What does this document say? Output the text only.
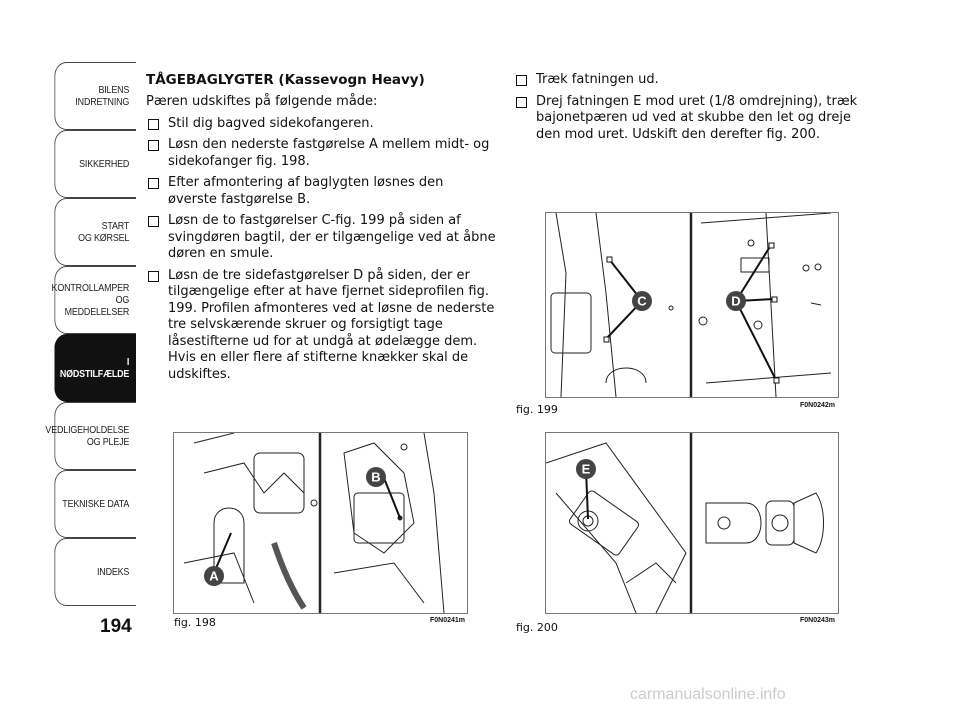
BILENS
INDRETNING
SIKKERHED
START
OG KØRSEL
KONTROLLAMPER
OG MEDDELELSER
I NØDSTILFÆLDE
VEDLIGEHOLDELSE
OG PLEJE
TEKNISKE DATA
INDEKS
194
TÅGEBAGLYGTER (Kassevogn Heavy)
Pæren udskiftes på følgende måde:
Stil dig bagved sidekofangeren.
Løsn den nederste fastgørelse A mellem midt- og sidekofanger fig. 198.
Efter afmontering af baglygten løsnes den øverste fastgørelse B.
Løsn de to fastgørelser C-fig. 199 på siden af svingdøren bagtil, der er tilgængelige ved at åbne døren en smule.
Løsn de tre sidefastgørelser D på siden, der er tilgængelige efter at have fjernet sideprofilen fig. 199. Profilen afmonteres ved at løsne de nederste tre selvskærende skruer og forsigtigt tage låsestifterne ud for at undgå at ødelægge dem. Hvis en eller flere af stifterne knækker skal de udskiftes.
Træk fatningen ud.
Drej fatningen E mod uret (1/8 omdrejning), træk bajonetpæren ud ved at skubbe den let og dreje den mod uret. Udskift den derefter fig. 200.
A
B
fig. 198	F0N0241m
C	D
fig. 199	F0N0242m
E
fig. 200
F0N0243m
carmanualsonline.info
